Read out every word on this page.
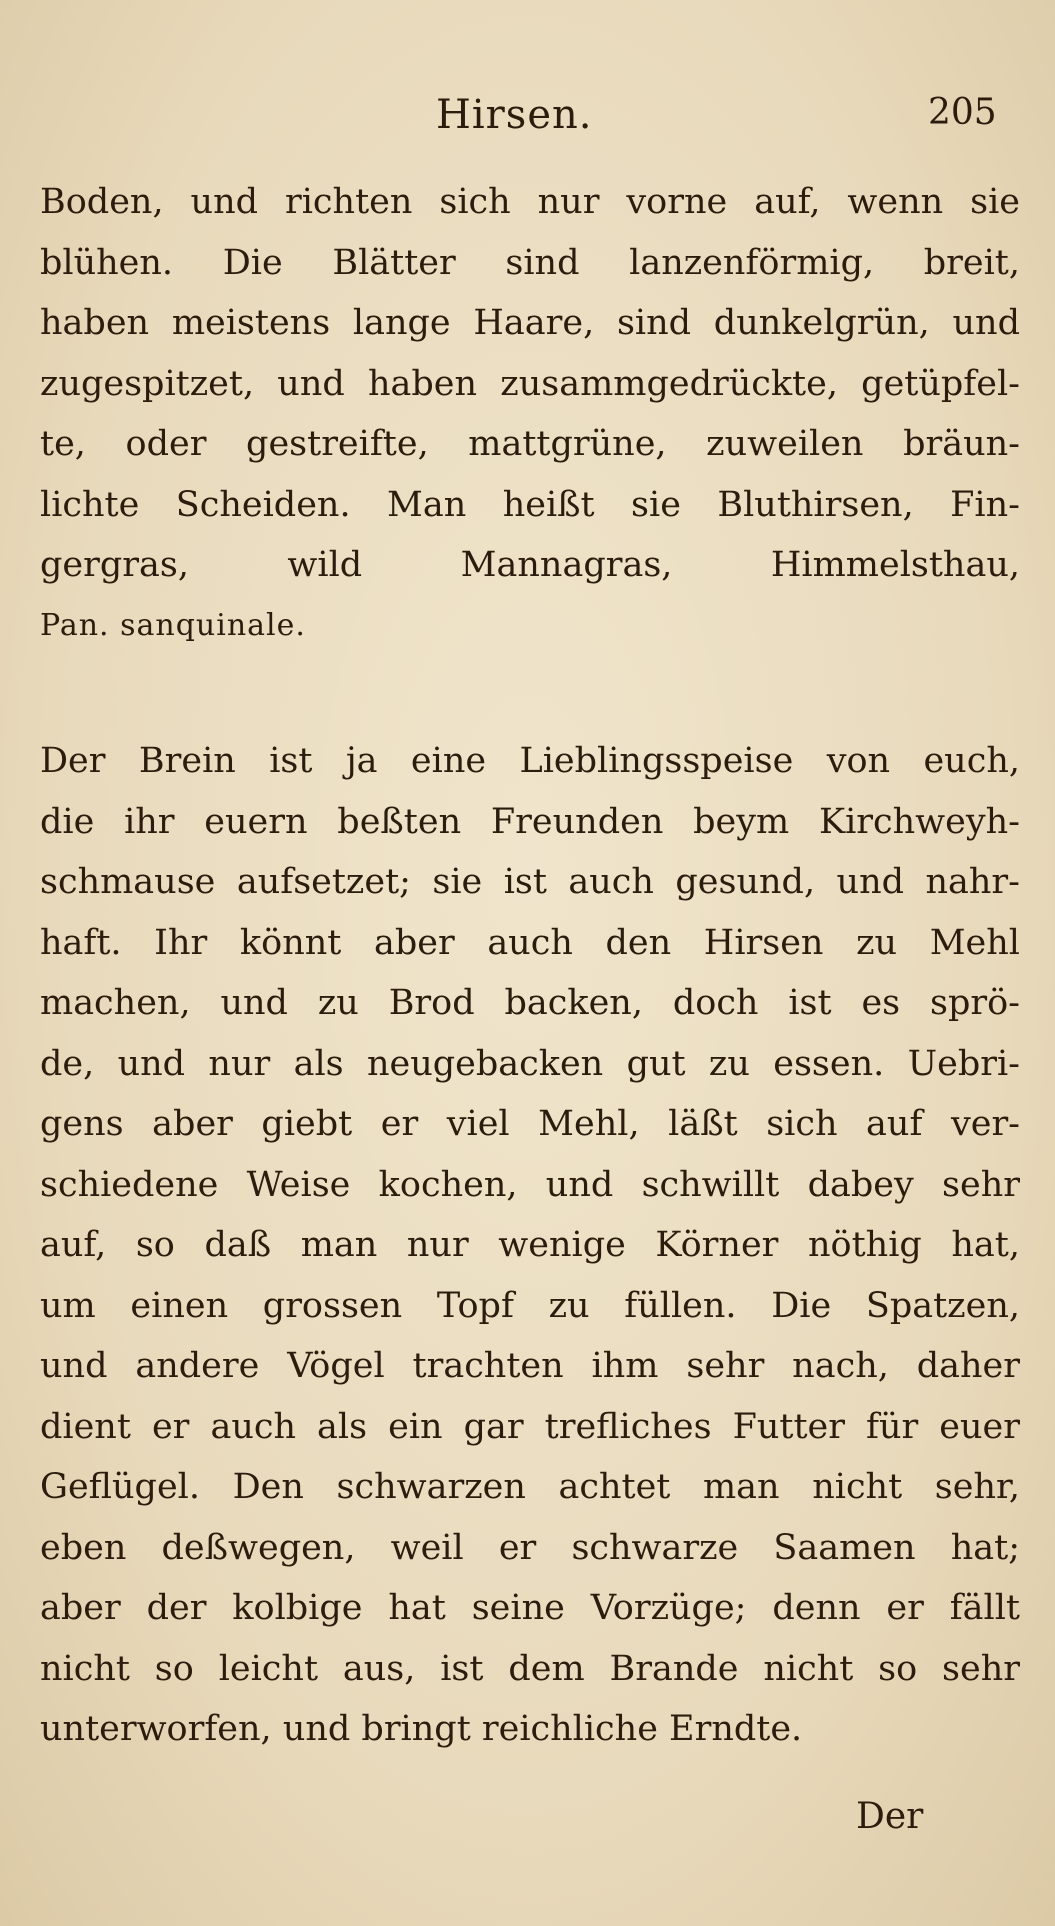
Hirsen.	205
Boden, und richten sich nur vorne auf, wenn sie
blühen. Die Blätter sind lanzenförmig, breit,
haben meistens lange Haare, sind dunkelgrün, und
zugespitzet, und haben zusammgedrückte, getüpfel-
te, oder gestreifte, mattgrüne, zuweilen bräun-
lichte Scheiden. Man heißt sie Bluthirsen, Fin-
gergras, wild Mannagras, Himmelsthau,
Pan. sanquinale.
Der Brein ist ja eine Lieblingsspeise von euch,
die ihr euern beßten Freunden beym Kirchweyh-
schmause aufsetzet; sie ist auch gesund, und nahr-
haft. Ihr könnt aber auch den Hirsen zu Mehl
machen, und zu Brod backen, doch ist es sprö-
de, und nur als neugebacken gut zu essen. Uebri-
gens aber giebt er viel Mehl, läßt sich auf ver-
schiedene Weise kochen, und schwillt dabey sehr
auf, so daß man nur wenige Körner nöthig hat,
um einen grossen Topf zu füllen. Die Spatzen,
und andere Vögel trachten ihm sehr nach, daher
dient er auch als ein gar trefliches Futter für euer
Geflügel. Den schwarzen achtet man nicht sehr,
eben deßwegen, weil er schwarze Saamen hat;
aber der kolbige hat seine Vorzüge; denn er fällt
nicht so leicht aus, ist dem Brande nicht so sehr
unterworfen, und bringt reichliche Erndte.
Der
